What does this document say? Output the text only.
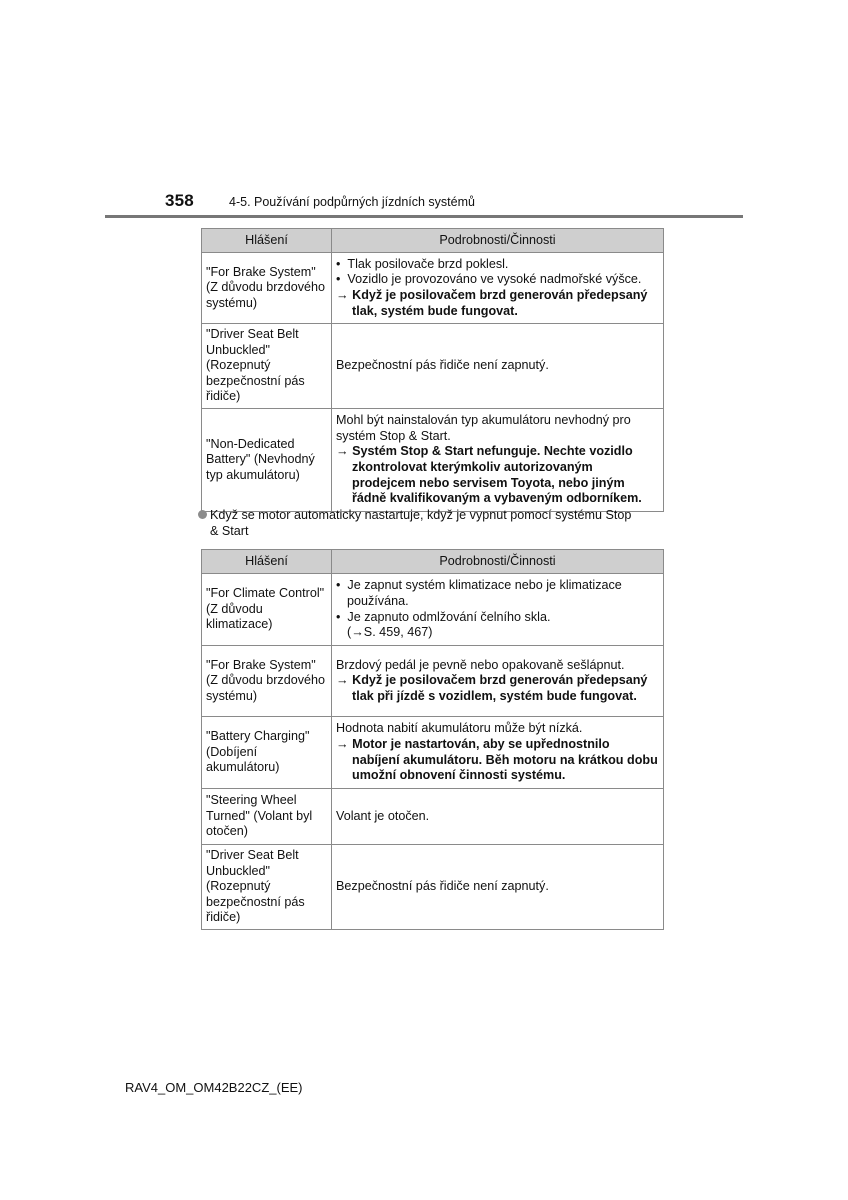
358	4-5. Používání podpůrných jízdních systémů
Hlášení	Podrobnosti/Činnosti
"For Brake System" (Z důvodu brzdového systému)	• Tlak posilovače brzd poklesl.
• Vozidlo je provozováno ve vysoké nadmořské výšce.
→ Když je posilovačem brzd generován předepsaný tlak, systém bude fungovat.

"Driver Seat Belt Unbuckled" (Rozepnutý bezpečnostní pás řidiče)	Bezpečnostní pás řidiče není zapnutý.
"Non-Dedicated Battery" (Nevhodný typ akumulátoru)	Mohl být nainstalován typ akumulátoru nevhodný pro systém Stop & Start.
→ Systém Stop & Start nefunguje. Nechte vozidlo zkontrolovat kterýmkoliv autorizovaným prodejcem nebo servisem Toyota, nebo jiným řádně kvalifikovaným a vybaveným odborníkem.
Když se motor automaticky nastartuje, když je vypnut pomocí systému Stop
& Start
Hlášení	Podrobnosti/Činnosti
"For Climate Control" (Z důvodu klimatizace)	• Je zapnut systém klimatizace nebo je klimatizace používána.
• Je zapnuto odmlžování čelního skla.
(→S. 459, 467)

"For Brake System" (Z důvodu brzdového systému)	Brzdový pedál je pevně nebo opakovaně sešlápnut.
→ Když je posilovačem brzd generován předepsaný tlak při jízdě s vozidlem, systém bude fungovat.

"Battery Charging" (Dobíjení akumulátoru)	Hodnota nabití akumulátoru může být nízká.
→ Motor je nastartován, aby se upřednostnilo nabíjení akumulátoru. Běh motoru na krátkou dobu umožní obnovení činnosti systému.

"Steering Wheel Turned" (Volant byl otočen)	Volant je otočen.
"Driver Seat Belt Unbuckled" (Rozepnutý bezpečnostní pás řidiče)	Bezpečnostní pás řidiče není zapnutý.
RAV4_OM_OM42B22CZ_(EE)
